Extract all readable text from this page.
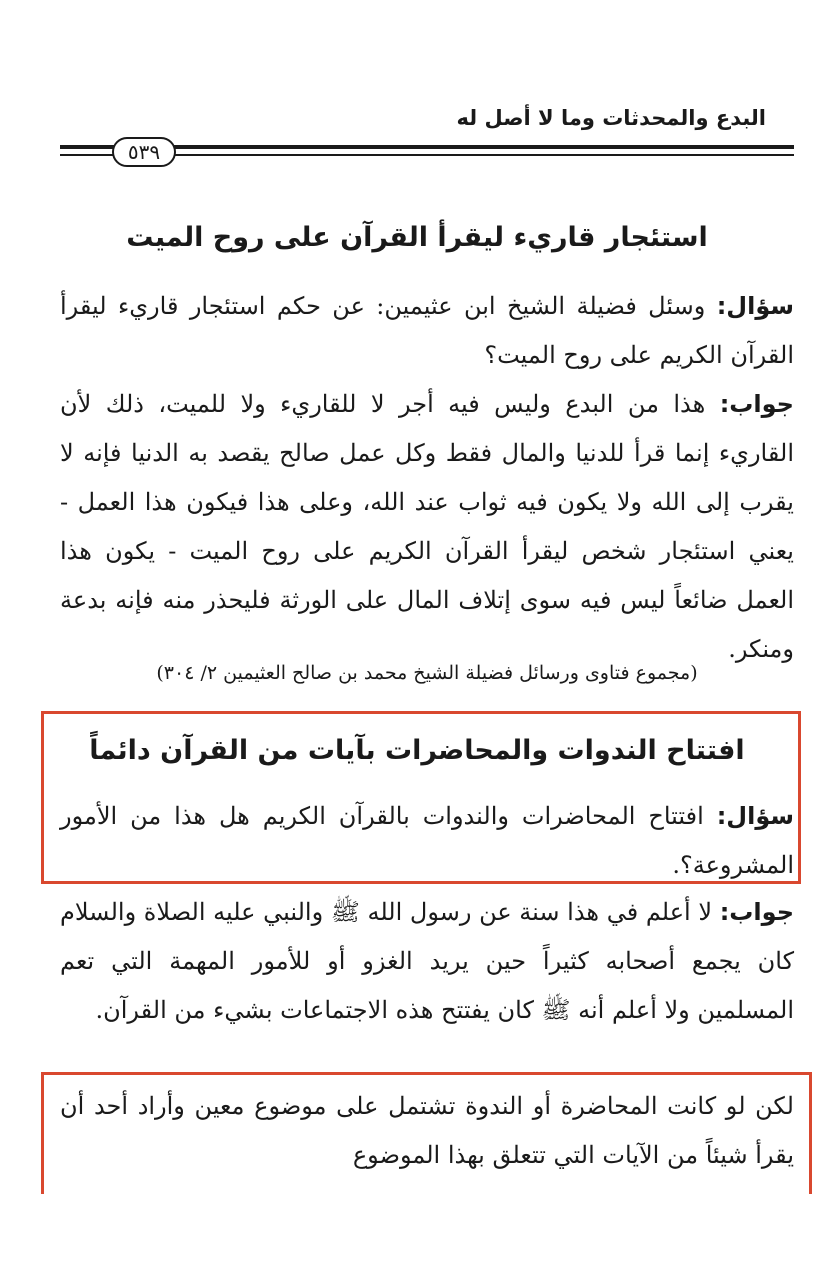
البدع والمحدثات وما لا أصل له
٥٣٩
استئجار قاريء ليقرأ القرآن على روح الميت
سؤال: وسئل فضيلة الشيخ ابن عثيمين: عن حكم استئجار قاريء ليقرأ القرآن الكريم على روح الميت؟
جواب: هذا من البدع وليس فيه أجر لا للقاريء ولا للميت، ذلك لأن القاريء إنما قرأ للدنيا والمال فقط وكل عمل صالح يقصد به الدنيا فإنه لا يقرب إلى الله ولا يكون فيه ثواب عند الله، وعلى هذا فيكون هذا العمل - يعني استئجار شخص ليقرأ القرآن الكريم على روح الميت - يكون هذا العمل ضائعاً ليس فيه سوى إتلاف المال على الورثة فليحذر منه فإنه بدعة ومنكر.
(مجموع فتاوى ورسائل فضيلة الشيخ محمد بن صالح العثيمين ٢/ ٣٠٤)
افتتاح الندوات والمحاضرات بآيات من القرآن دائماً
سؤال: افتتاح المحاضرات والندوات بالقرآن الكريم هل هذا من الأمور المشروعة؟.
جواب: لا أعلم في هذا سنة عن رسول الله ﷺ والنبي عليه الصلاة والسلام كان يجمع أصحابه كثيراً حين يريد الغزو أو للأمور المهمة التي تعم المسلمين ولا أعلم أنه ﷺ كان يفتتح هذه الاجتماعات بشيء من القرآن.
لكن لو كانت المحاضرة أو الندوة تشتمل على موضوع معين وأراد أحد أن يقرأ شيئاً من الآيات التي تتعلق بهذا الموضوع
